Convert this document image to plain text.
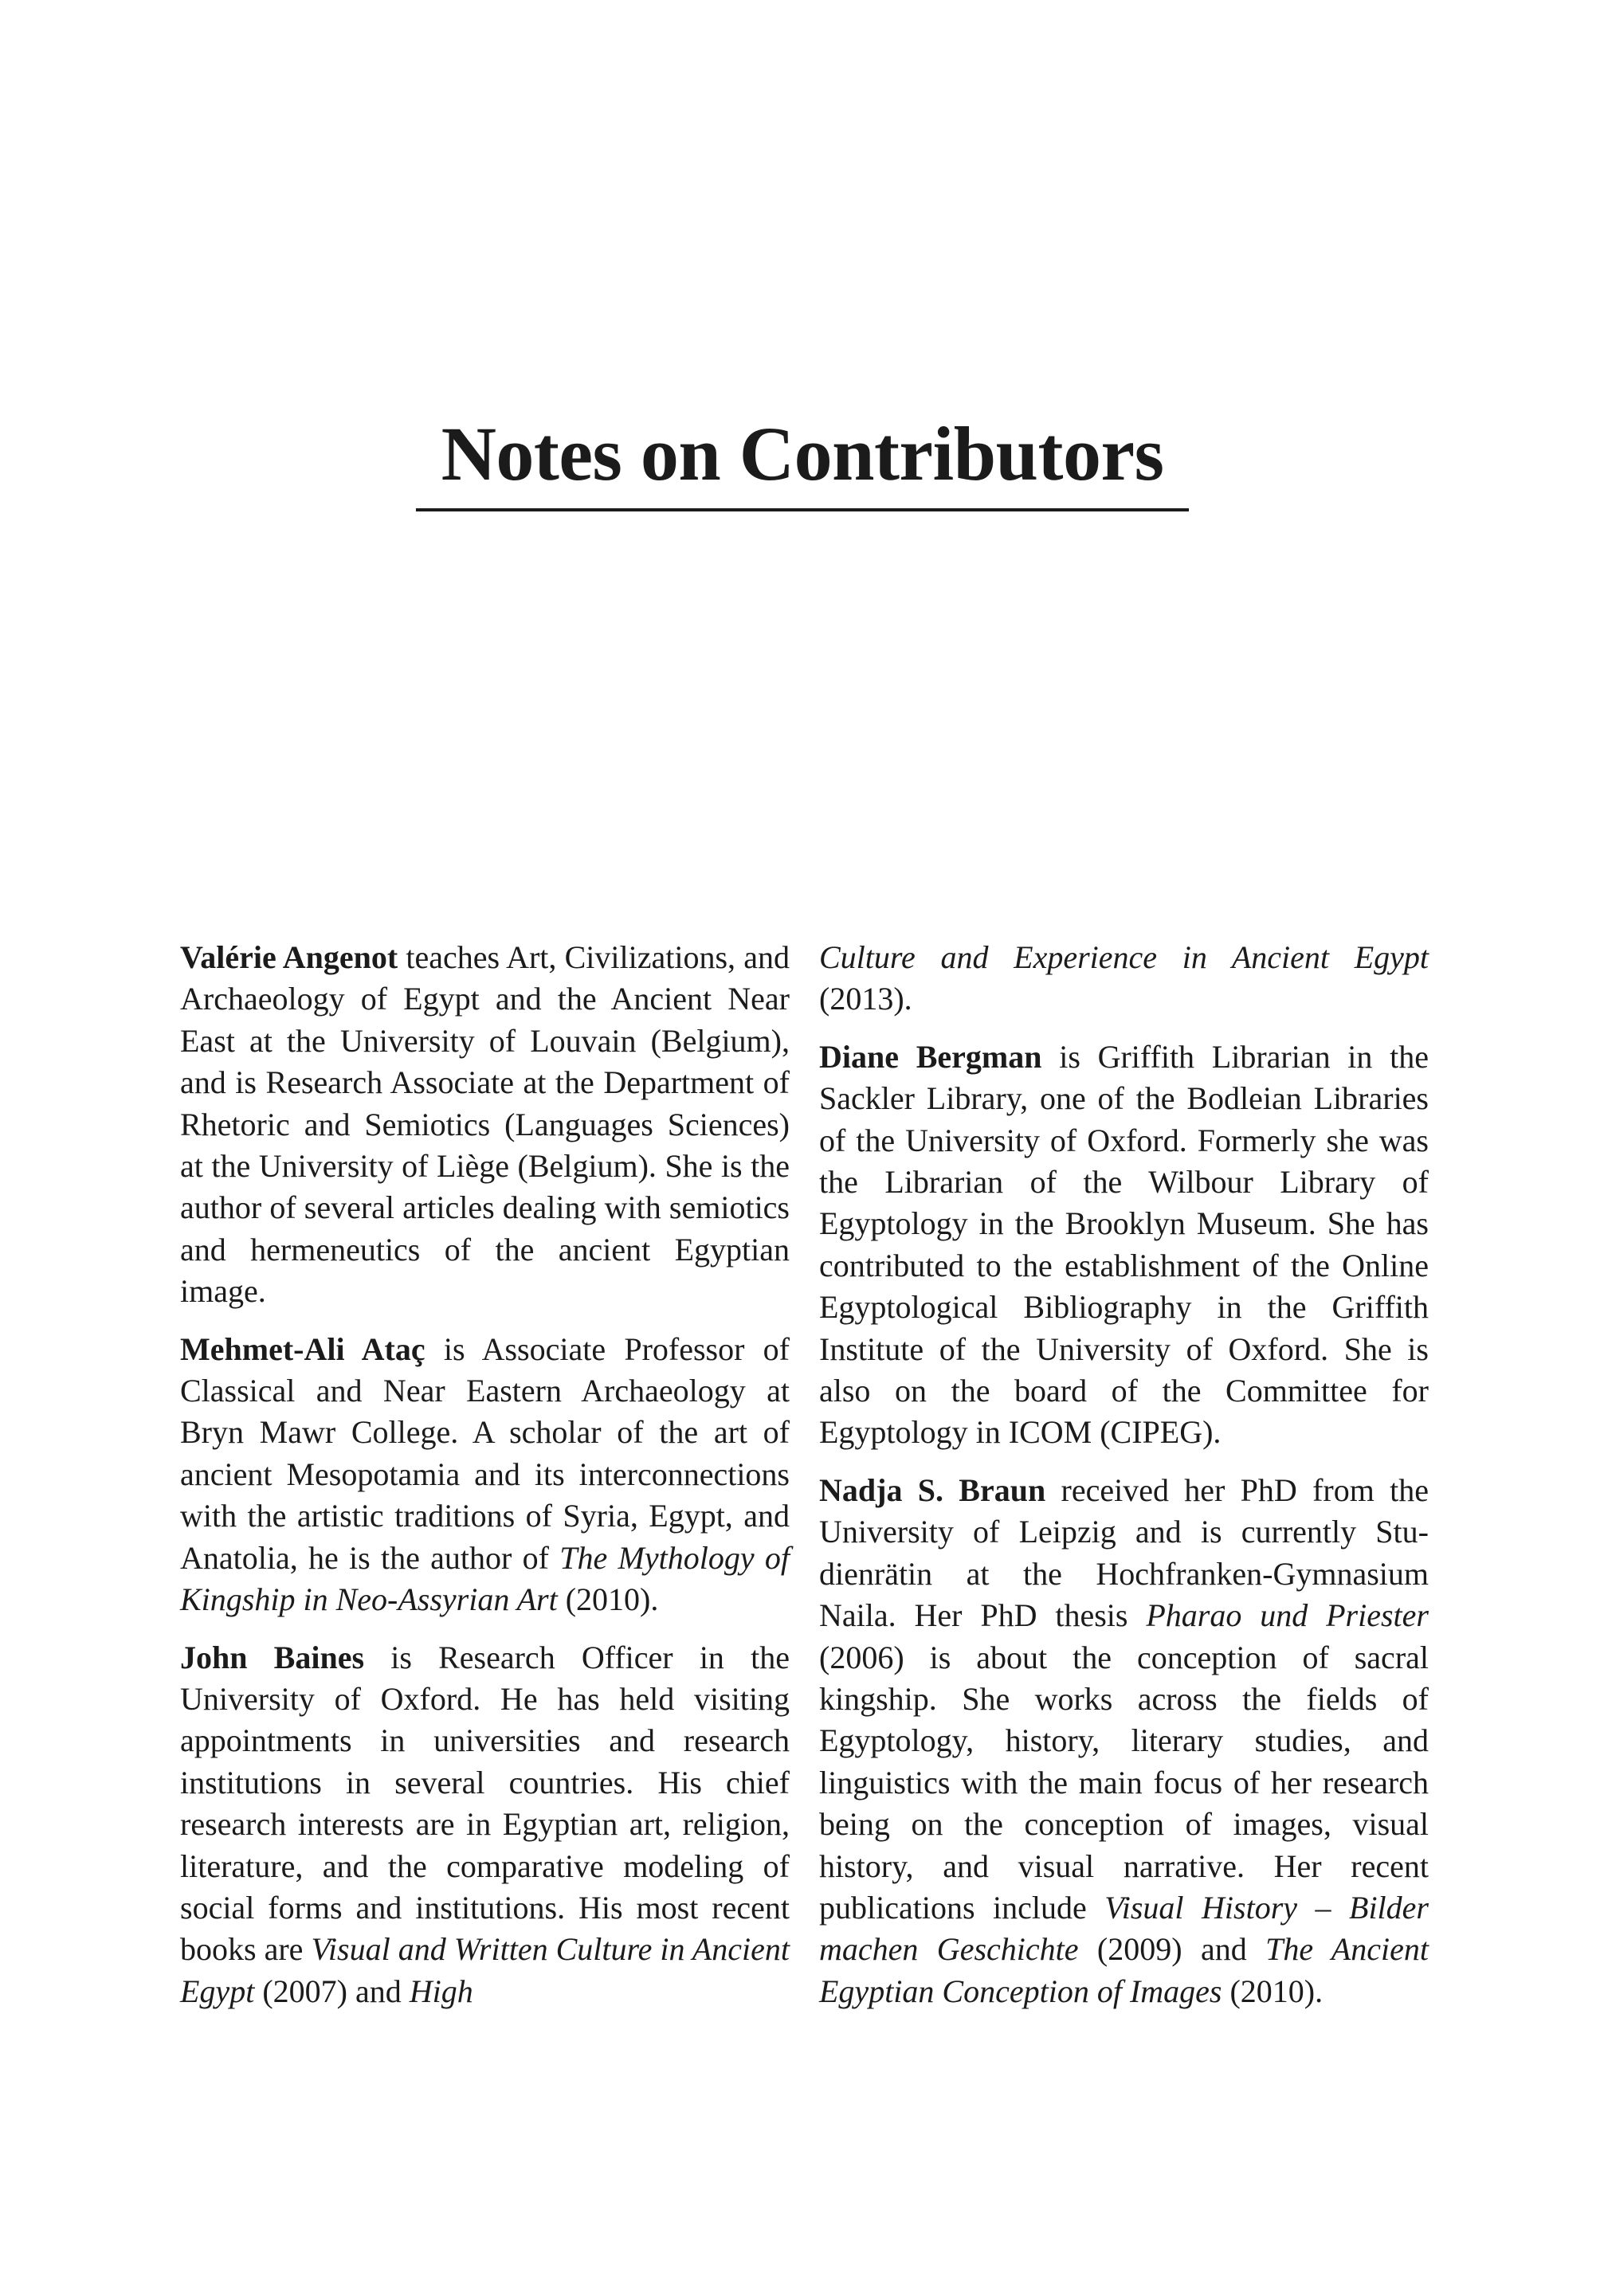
Notes on Contributors

Valérie Angenot teaches Art, Civilizations, and Archaeology of Egypt and the Ancient Near East at the University of Louvain (Belgium), and is Research Associate at the Department of Rhetoric and Semiotics (Languages Sciences) at the University of Liège (Belgium). She is the author of several articles dealing with semiotics and hermeneutics of the ancient Egyptian image.

Mehmet-Ali Ataç is Associate Professor of Classical and Near Eastern Archaeology at Bryn Mawr College. A scholar of the art of ancient Mesopotamia and its interconnections with the artistic traditions of Syria, Egypt, and Anatolia, he is the author of The Mythology of Kingship in Neo-Assyrian Art (2010).

John Baines is Research Officer in the University of Oxford. He has held visiting appointments in universities and research institutions in several countries. His chief research interests are in Egyptian art, religion, literature, and the comparative modeling of social forms and institutions. His most recent books are Visual and Written Culture in Ancient Egypt (2007) and High

Culture and Experience in Ancient Egypt (2013).

Diane Bergman is Griffith Librarian in the Sackler Library, one of the Bodleian Libraries of the University of Oxford. Formerly she was the Librarian of the Wilbour Library of Egyptology in the Brooklyn Museum. She has contributed to the establishment of the Online Egyptological Bibliography in the Griffith Institute of the University of Oxford. She is also on the board of the Committee for Egyptology in ICOM (CIPEG).

Nadja S. Braun received her PhD from the University of Leipzig and is currently Studienrätin at the Hochfranken-Gymnasium Naila. Her PhD thesis Pharao und Priester (2006) is about the conception of sacral kingship. She works across the fields of Egyptology, history, literary studies, and linguistics with the main focus of her research being on the conception of images, visual history, and visual narrative. Her recent publications include Visual History – Bilder machen Geschichte (2009) and The Ancient Egyptian Conception of Images (2010).
